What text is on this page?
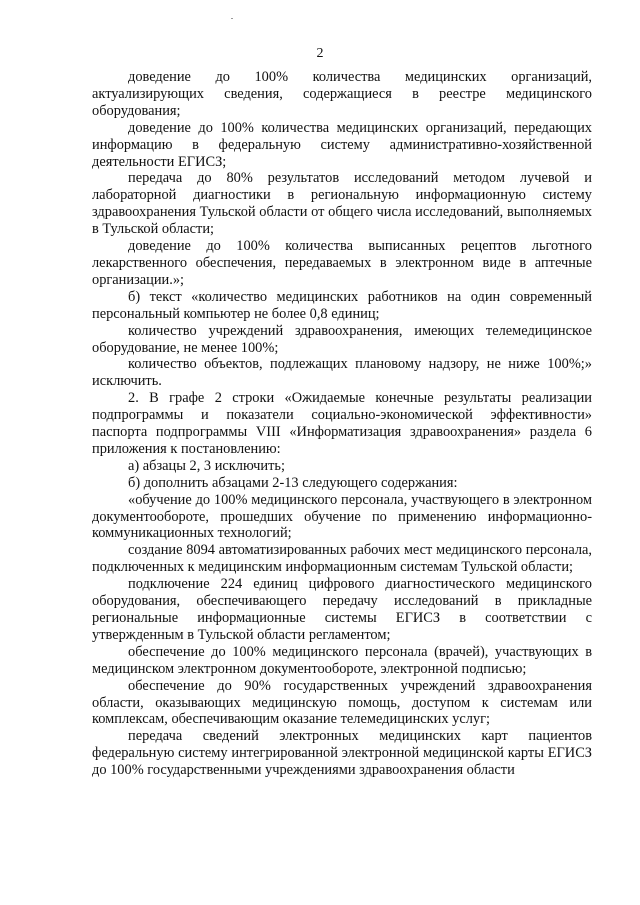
2

доведение до 100% количества медицинских организаций, актуализирующих сведения, содержащиеся в реестре медицинского оборудования;

доведение до 100% количества медицинских организаций, передающих информацию в федеральную систему административно-хозяйственной деятельности ЕГИСЗ;

передача до 80% результатов исследований методом лучевой и лабораторной диагностики в региональную информационную систему здравоохранения Тульской области от общего числа исследований, выполняемых в Тульской области;

доведение до 100% количества выписанных рецептов льготного лекарственного обеспечения, передаваемых в электронном виде в аптечные организации.»;

б) текст «количество медицинских работников на один современный персональный компьютер не более 0,8 единиц;

количество учреждений здравоохранения, имеющих телемедицинское оборудование, не менее 100%;

количество объектов, подлежащих плановому надзору, не ниже 100%;» исключить.

2. В графе 2 строки «Ожидаемые конечные результаты реализации подпрограммы и показатели социально-экономической эффективности» паспорта подпрограммы VIII «Информатизация здравоохранения» раздела 6 приложения к постановлению:

а) абзацы 2, 3 исключить;

б) дополнить абзацами 2-13 следующего содержания:

«обучение до 100% медицинского персонала, участвующего в электронном документообороте, прошедших обучение по применению информационно-коммуникационных технологий;

создание 8094 автоматизированных рабочих мест медицинского персонала, подключенных к медицинским информационным системам Тульской области;

подключение 224 единиц цифрового диагностического медицинского оборудования, обеспечивающего передачу исследований в прикладные региональные информационные системы ЕГИСЗ в соответствии с утвержденным в Тульской области регламентом;

обеспечение до 100% медицинского персонала (врачей), участвующих в медицинском электронном документообороте, электронной подписью;

обеспечение до 90% государственных учреждений здравоохранения области, оказывающих медицинскую помощь, доступом к системам или комплексам, обеспечивающим оказание телемедицинских услуг;

передача сведений электронных медицинских карт пациентов федеральную систему интегрированной электронной медицинской карты ЕГИСЗ до 100% государственными учреждениями здравоохранения области
